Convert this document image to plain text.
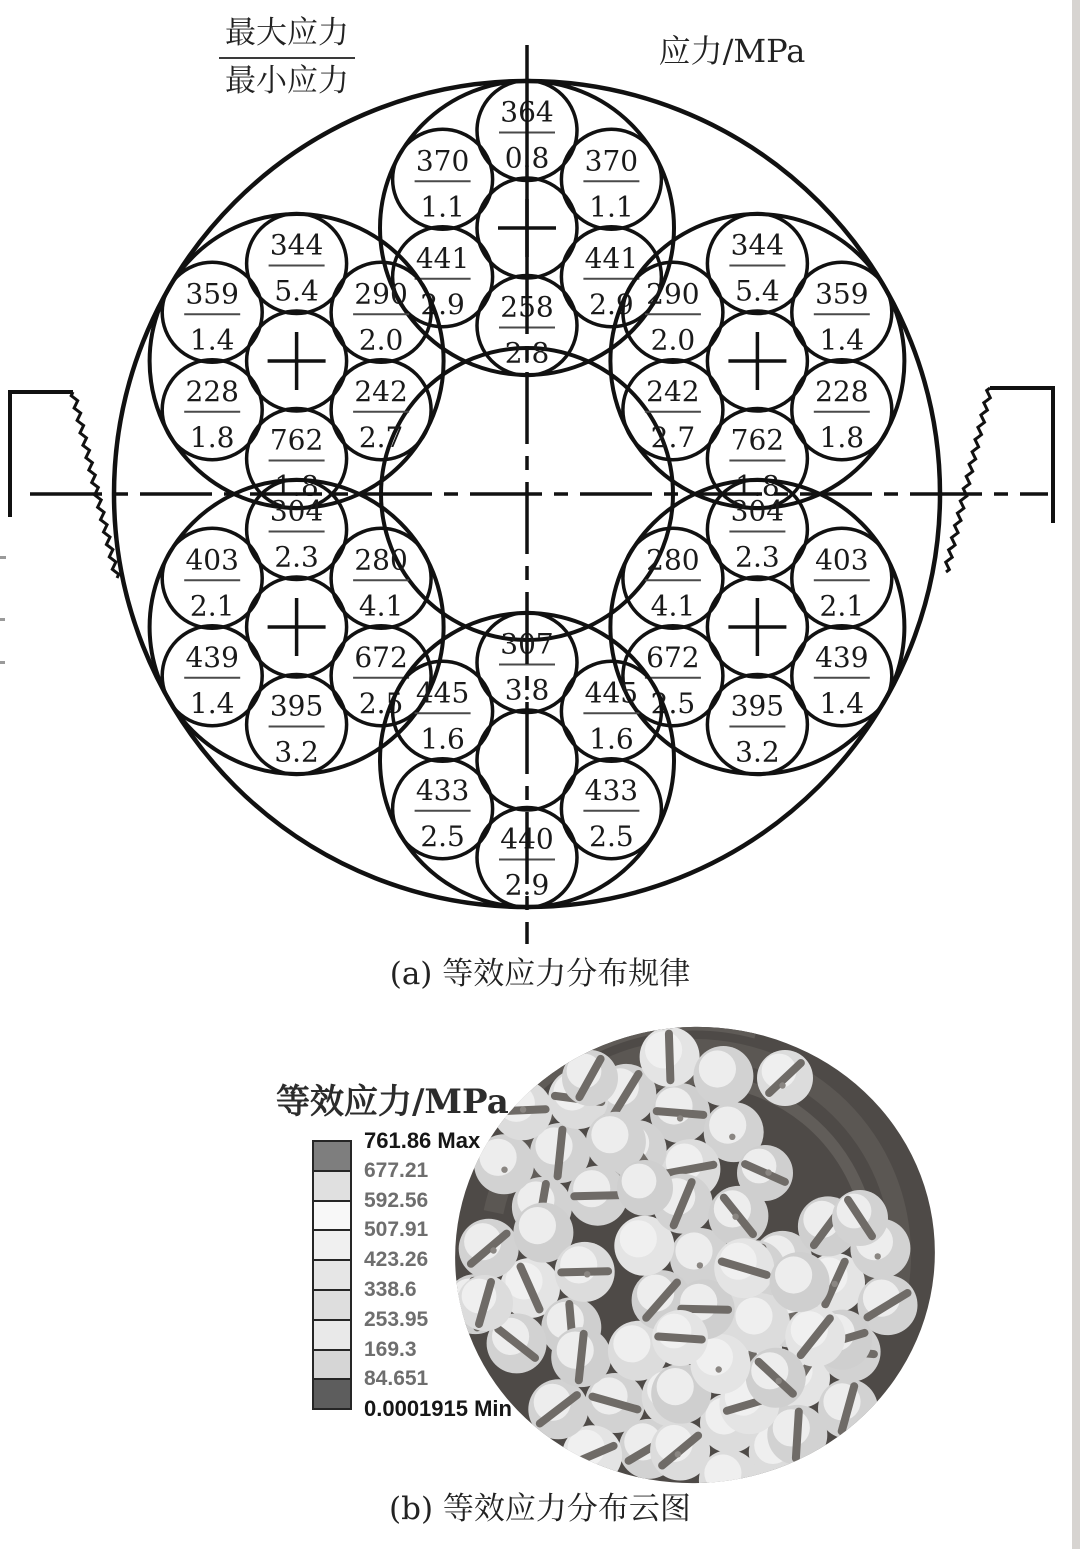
364
0.8
370
1.1
370
1.1
441
2.9
441
2.9
258
2.8
344
5.4
359
1.4
290
2.0
228
1.8
242
2.7
762
1.8
344
5.4
290
2.0
359
1.4
242
2.7
228
1.8
762
1.8
304
2.3
403
2.1
280
4.1
439
1.4
672
2.5
395
3.2
304
2.3
280
4.1
403
2.1
672
2.5
439
1.4
395
3.2
307
3.8
445
1.6
445
1.6
433
2.5
433
2.5
440
2.9
最大应力
最小应力
应力/MPa
(a) 等效应力分布规律
等效应力/MPa
761.86 Max
677.21
592.56
507.91
423.26
338.6
253.95
169.3
84.651
0.0001915 Min
(b) 等效应力分布云图
